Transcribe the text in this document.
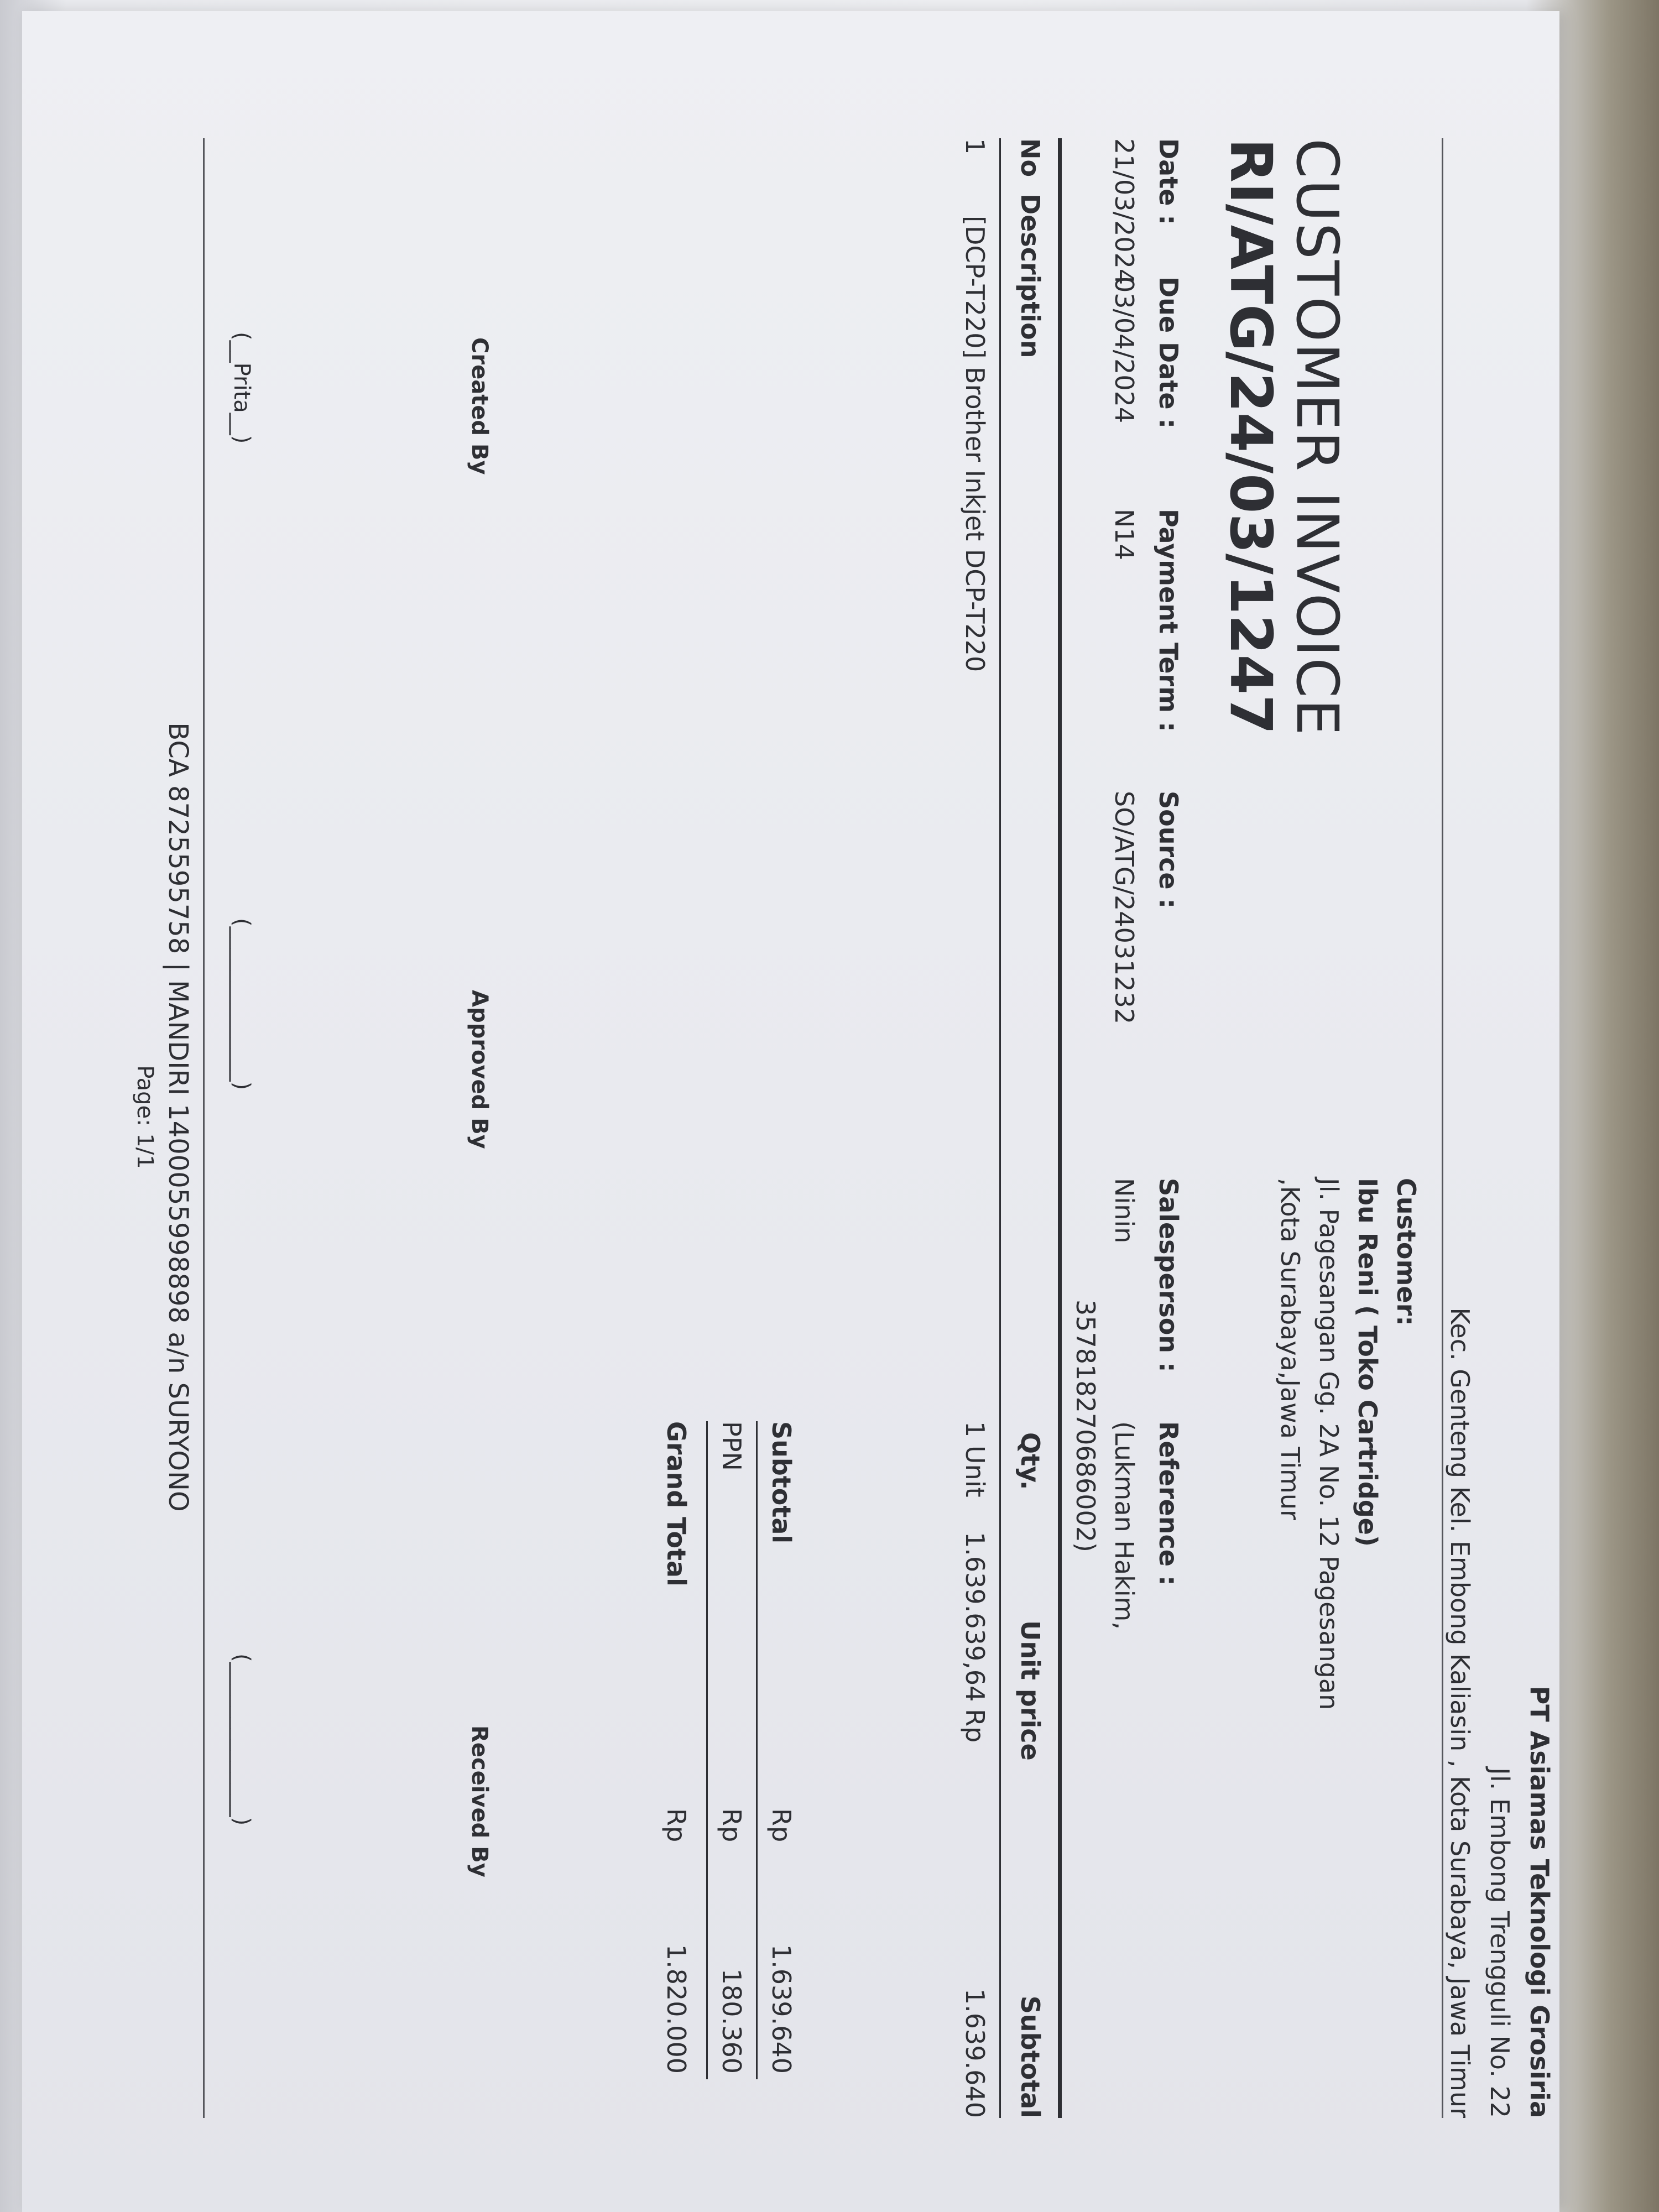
PT Asiamas Teknologi Grosiria
Jl. Embong Trengguli No. 22
Kec. Genteng Kel. Embong Kaliasin , Kota Surabaya, Jawa Timur
Customer:
Ibu Reni ( Toko Cartridge)
Jl. Pagesangan Gg. 2A No. 12 Pagesangan
,Kota Surabaya,Jawa Timur
CUSTOMER INVOICE
RI/ATG/24/03/1247
Date :
Due Date :
Payment Term :
Source :
Salesperson :
Reference :
21/03/2024
03/04/2024
N14
SO/ATG/24031232
Ninin
(Lukman Hakim,
3578182706860​02)
No
Description
Qty.
Unit price
Subtotal
1
[DCP-T220] Brother Inkjet DCP-T220
1 Unit
1.639.639,64
Rp
1.639.640
Subtotal
Rp
1.639.640
PPN
Rp
180.360
Grand Total
Rp
1.820.000
Created By
Approved By
Received By
(__Prita__)
(______________)
(______________)
BCA 8725595758 | MANDIRI 1400055998898 a/n SURYONO
Page: 1/1
